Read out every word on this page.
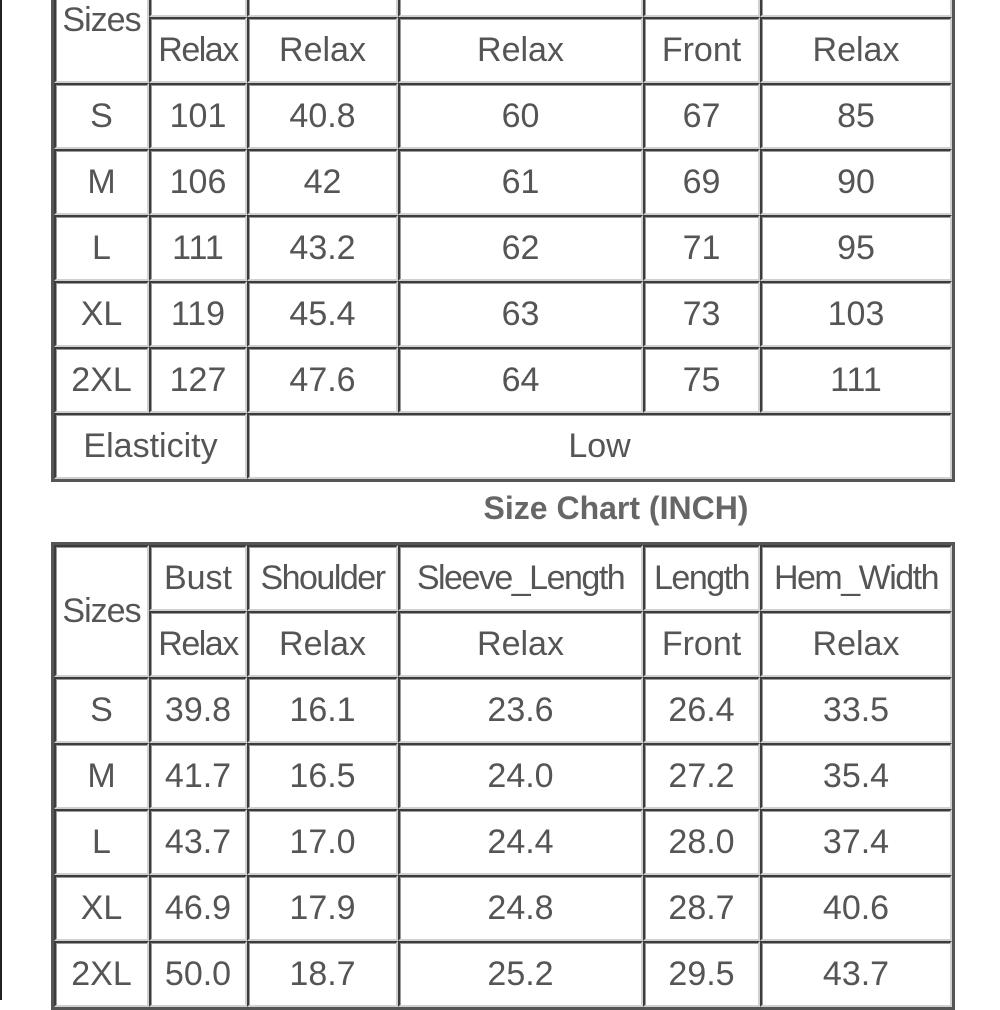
Sizes					
	Relax	Relax	Relax	Front	Relax
S	101	40.8	60	67	85
M	106	42	61	69	90
L	111	43.2	62	71	95
XL	119	45.4	63	73	103
2XL	127	47.6	64	75	111
Elasticity		Low			
Size Chart (INCH)
Sizes	Bust	Shoulder	Sleeve_Length	Length	Hem_Width
	Relax	Relax	Relax	Front	Relax
S	39.8	16.1	23.6	26.4	33.5
M	41.7	16.5	24.0	27.2	35.4
L	43.7	17.0	24.4	28.0	37.4
XL	46.9	17.9	24.8	28.7	40.6
2XL	50.0	18.7	25.2	29.5	43.7
